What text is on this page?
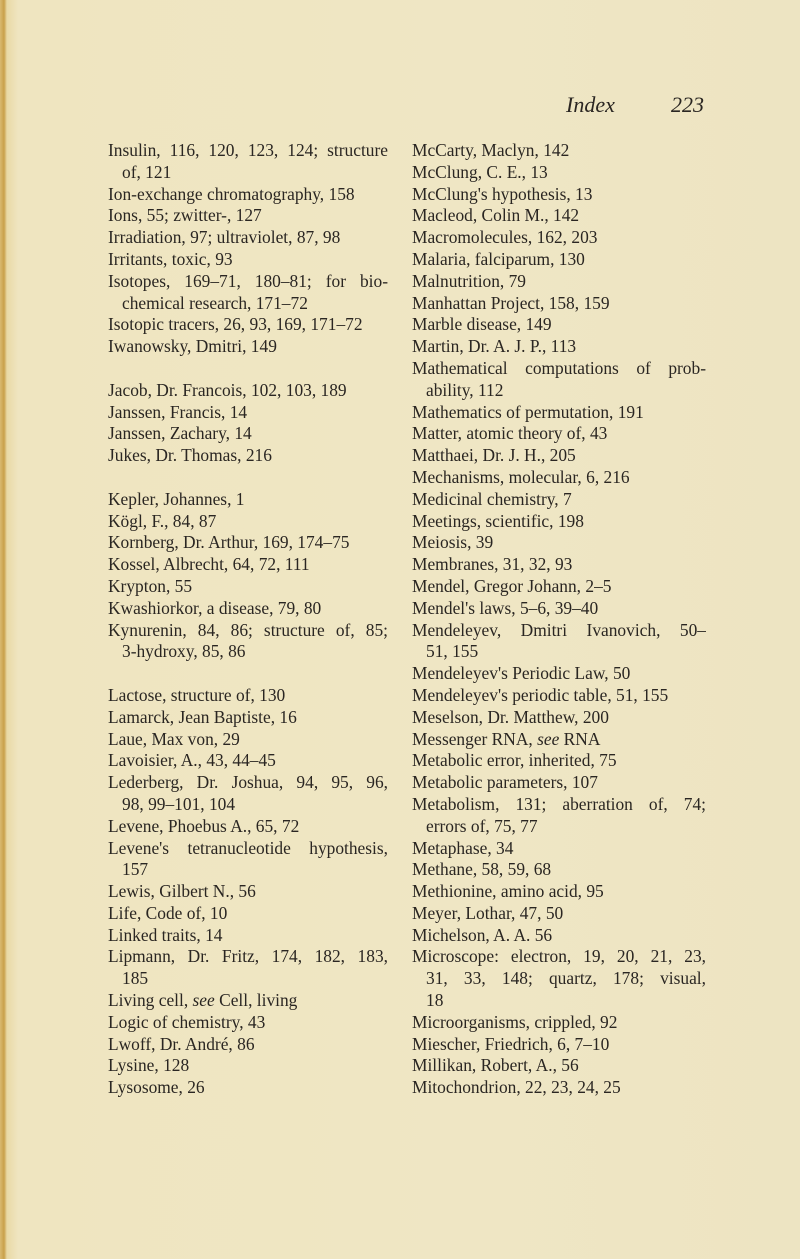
Index	223
Insulin, 116, 120, 123, 124; structure
of, 121
Ion-exchange chromatography, 158
Ions, 55; zwitter-, 127
Irradiation, 97; ultraviolet, 87, 98
Irritants, toxic, 93
Isotopes, 169–71, 180–81; for bio-
chemical research, 171–72
Isotopic tracers, 26, 93, 169, 171–72
Iwanowsky, Dmitri, 149
Jacob, Dr. Francois, 102, 103, 189
Janssen, Francis, 14
Janssen, Zachary, 14
Jukes, Dr. Thomas, 216
Kepler, Johannes, 1
Kögl, F., 84, 87
Kornberg, Dr. Arthur, 169, 174–75
Kossel, Albrecht, 64, 72, 111
Krypton, 55
Kwashiorkor, a disease, 79, 80
Kynurenin, 84, 86; structure of, 85;
3-hydroxy, 85, 86
Lactose, structure of, 130
Lamarck, Jean Baptiste, 16
Laue, Max von, 29
Lavoisier, A., 43, 44–45
Lederberg, Dr. Joshua, 94, 95, 96,
98, 99–101, 104
Levene, Phoebus A., 65, 72
Levene's tetranucleotide hypothesis,
157
Lewis, Gilbert N., 56
Life, Code of, 10
Linked traits, 14
Lipmann, Dr. Fritz, 174, 182, 183,
185
Living cell, see Cell, living
Logic of chemistry, 43
Lwoff, Dr. André, 86
Lysine, 128
Lysosome, 26
McCarty, Maclyn, 142
McClung, C. E., 13
McClung's hypothesis, 13
Macleod, Colin M., 142
Macromolecules, 162, 203
Malaria, falciparum, 130
Malnutrition, 79
Manhattan Project, 158, 159
Marble disease, 149
Martin, Dr. A. J. P., 113
Mathematical computations of prob-
ability, 112
Mathematics of permutation, 191
Matter, atomic theory of, 43
Matthaei, Dr. J. H., 205
Mechanisms, molecular, 6, 216
Medicinal chemistry, 7
Meetings, scientific, 198
Meiosis, 39
Membranes, 31, 32, 93
Mendel, Gregor Johann, 2–5
Mendel's laws, 5–6, 39–40
Mendeleyev, Dmitri Ivanovich, 50–
51, 155
Mendeleyev's Periodic Law, 50
Mendeleyev's periodic table, 51, 155
Meselson, Dr. Matthew, 200
Messenger RNA, see RNA
Metabolic error, inherited, 75
Metabolic parameters, 107
Metabolism, 131; aberration of, 74;
errors of, 75, 77
Metaphase, 34
Methane, 58, 59, 68
Methionine, amino acid, 95
Meyer, Lothar, 47, 50
Michelson, A. A. 56
Microscope: electron, 19, 20, 21, 23,
31, 33, 148; quartz, 178; visual,
18
Microorganisms, crippled, 92
Miescher, Friedrich, 6, 7–10
Millikan, Robert, A., 56
Mitochondrion, 22, 23, 24, 25
